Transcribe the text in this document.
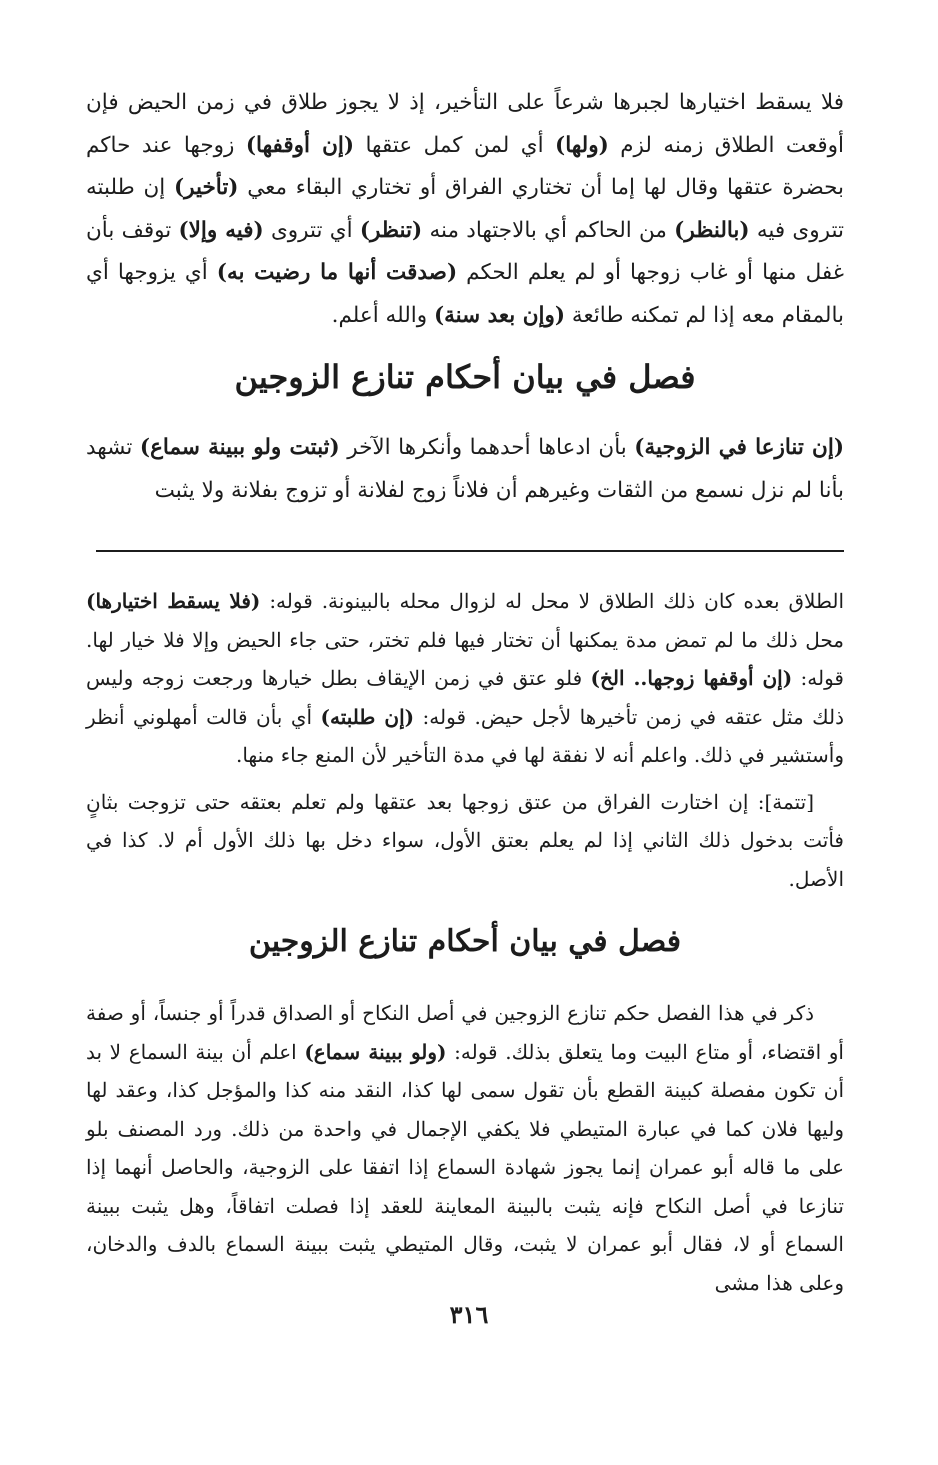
فلا يسقط اختيارها لجبرها شرعاً على التأخير، إذ لا يجوز طلاق في زمن الحيض فإن أوقعت الطلاق زمنه لزم (ولها) أي لمن كمل عتقها (إن أوقفها) زوجها عند حاكم بحضرة عتقها وقال لها إما أن تختاري الفراق أو تختاري البقاء معي (تأخير) إن طلبته تتروى فيه (بالنظر) من الحاكم أي بالاجتهاد منه (تنظر) أي تتروى (فيه وإلا) توقف بأن غفل منها أو غاب زوجها أو لم يعلم الحكم (صدقت أنها ما رضيت به) أي يزوجها أي بالمقام معه إذا لم تمكنه طائعة (وإن بعد سنة) والله أعلم.

فصل في بيان أحكام تنازع الزوجين

(إن تنازعا في الزوجية) بأن ادعاها أحدهما وأنكرها الآخر (ثبتت ولو ببينة سماع) تشهد بأنا لم نزل نسمع من الثقات وغيرهم أن فلاناً زوج لفلانة أو تزوج بفلانة ولا يثبت

الطلاق بعده كان ذلك الطلاق لا محل له لزوال محله بالبينونة. قوله: (فلا يسقط اختيارها) محل ذلك ما لم تمض مدة يمكنها أن تختار فيها فلم تختر، حتى جاء الحيض وإلا فلا خيار لها. قوله: (إن أوقفها زوجها.. الخ) فلو عتق في زمن الإيقاف بطل خيارها ورجعت زوجه وليس ذلك مثل عتقه في زمن تأخيرها لأجل حيض. قوله: (إن طلبته) أي بأن قالت أمهلوني أنظر وأستشير في ذلك. واعلم أنه لا نفقة لها في مدة التأخير لأن المنع جاء منها.

[تتمة]: إن اختارت الفراق من عتق زوجها بعد عتقها ولم تعلم بعتقه حتى تزوجت بثانٍ فأتت بدخول ذلك الثاني إذا لم يعلم بعتق الأول، سواء دخل بها ذلك الأول أم لا. كذا في الأصل.

فصل في بيان أحكام تنازع الزوجين

ذكر في هذا الفصل حكم تنازع الزوجين في أصل النكاح أو الصداق قدراً أو جنساً، أو صفة أو اقتضاء، أو متاع البيت وما يتعلق بذلك. قوله: (ولو ببينة سماع) اعلم أن بينة السماع لا بد أن تكون مفصلة كبينة القطع بأن تقول سمى لها كذا، النقد منه كذا والمؤجل كذا، وعقد لها وليها فلان كما في عبارة المتيطي فلا يكفي الإجمال في واحدة من ذلك. ورد المصنف بلو على ما قاله أبو عمران إنما يجوز شهادة السماع إذا اتفقا على الزوجية، والحاصل أنهما إذا تنازعا في أصل النكاح فإنه يثبت بالبينة المعاينة للعقد إذا فصلت اتفاقاً، وهل يثبت ببينة السماع أو لا، فقال أبو عمران لا يثبت، وقال المتيطي يثبت ببينة السماع بالدف والدخان، وعلى هذا مشى

٣١٦
